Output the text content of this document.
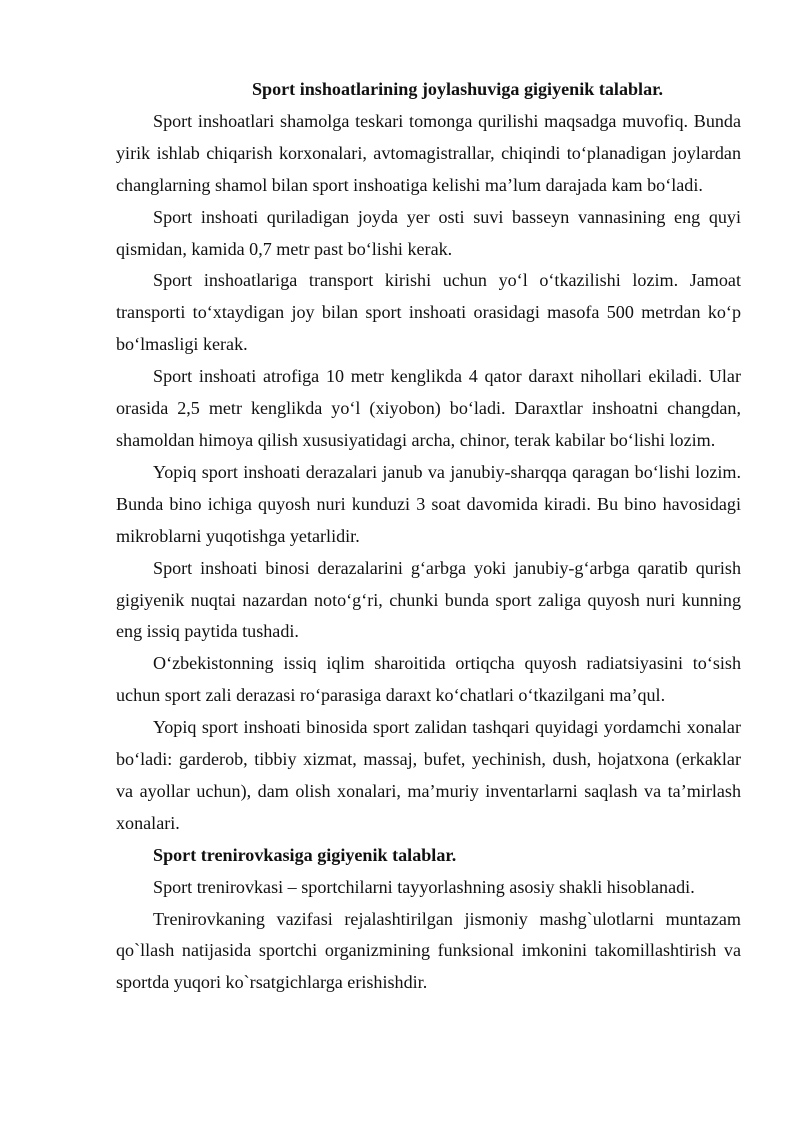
Sport inshoatlarining joylashuviga gigiyenik talablar.

Sport inshoatlari shamolga teskari tomonga qurilishi maqsadga muvofiq. Bunda yirik ishlab chiqarish korxonalari, avtomagistrallar, chiqindi to‘planadigan joylardan changlarning shamol bilan sport inshoatiga kelishi ma’lum darajada kam bo‘ladi.

Sport inshoati quriladigan joyda yer osti suvi basseyn vannasining eng quyi qismidan, kamida 0,7 metr past bo‘lishi kerak.

Sport inshoatlariga transport kirishi uchun yo‘l o‘tkazilishi lozim. Jamoat transporti to‘xtaydigan joy bilan sport inshoati orasidagi masofa 500 metrdan ko‘p bo‘lmasligi kerak.

Sport inshoati atrofiga 10 metr kenglikda 4 qator daraxt nihollari ekiladi. Ular orasida 2,5 metr kenglikda yo‘l (xiyobon) bo‘ladi. Daraxtlar inshoatni changdan, shamoldan himoya qilish xususiyatidagi archa, chinor, terak kabilar bo‘lishi lozim.

Yopiq sport inshoati derazalari janub va janubiy-sharqqa qaragan bo‘lishi lozim. Bunda bino ichiga quyosh nuri kunduzi 3 soat davomida kiradi. Bu bino havosidagi mikroblarni yuqotishga yetarlidir.

Sport inshoati binosi derazalarini g‘arbga yoki janubiy-g‘arbga qaratib qurish gigiyenik nuqtai nazardan noto‘g‘ri, chunki bunda sport zaliga quyosh nuri kunning eng issiq paytida tushadi.

O‘zbekistonning issiq iqlim sharoitida ortiqcha quyosh radiatsiyasini to‘sish uchun sport zali derazasi ro‘parasiga daraxt ko‘chatlari o‘tkazilgani ma’qul.

Yopiq sport inshoati binosida sport zalidan tashqari quyidagi yordamchi xonalar bo‘ladi: garderob, tibbiy xizmat, massaj, bufet, yechinish, dush, hojatxona (erkaklar va ayollar uchun), dam olish xonalari, ma’muriy inventarlarni saqlash va ta’mirlash xonalari.

Sport trenirovkasiga gigiyenik talablar.

Sport trenirovkasi – sportchilarni tayyorlashning asosiy shakli hisoblanadi.

Trenirovkaning vazifasi rejalashtirilgan jismoniy mashg`ulotlarni muntazam qo`llash natijasida sportchi organizmining funksional imkonini takomillashtirish va sportda yuqori ko`rsatgichlarga erishishdir.
